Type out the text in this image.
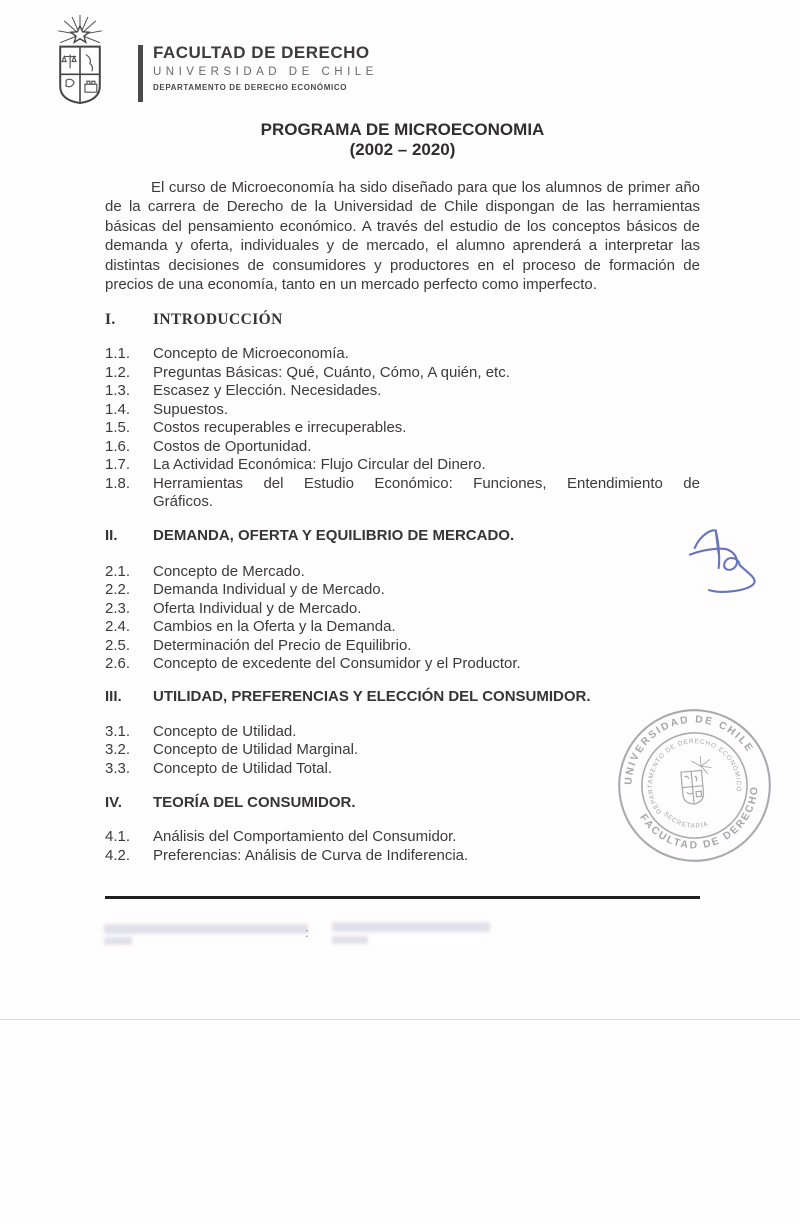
FACULTAD DE DERECHO
UNIVERSIDAD DE CHILE
DEPARTAMENTO DE DERECHO ECONÓMICO
PROGRAMA DE MICROECONOMIA
(2002 – 2020)

El curso de Microeconomía ha sido diseñado para que los alumnos de primer año de la carrera de Derecho de la Universidad de Chile dispongan de las herramientas básicas del pensamiento económico. A través del estudio de los conceptos básicos de demanda y oferta, individuales y de mercado, el alumno aprenderá a interpretar las distintas decisiones de consumidores y productores en el proceso de formación de precios de una economía, tanto en un mercado perfecto como imperfecto.

I.	INTRODUCCIÓN
1.1.	Concepto de Microeconomía.
1.2.	Preguntas Básicas: Qué, Cuánto, Cómo, A quién, etc.
1.3.	Escasez y Elección. Necesidades.
1.4.	Supuestos.
1.5.	Costos recuperables e irrecuperables.
1.6.	Costos de Oportunidad.
1.7.	La Actividad Económica: Flujo Circular del Dinero.
1.8.	Herramientas del Estudio Económico: Funciones, Entendimiento de
Gráficos.
II.	DEMANDA, OFERTA Y EQUILIBRIO DE MERCADO.
2.1.	Concepto de Mercado.
2.2.	Demanda Individual y de Mercado.
2.3.	Oferta Individual y de Mercado.
2.4.	Cambios en la Oferta y la Demanda.
2.5.	Determinación del Precio de Equilibrio.
2.6.	Concepto de excedente del Consumidor y el Productor.
III.	UTILIDAD, PREFERENCIAS Y ELECCIÓN DEL CONSUMIDOR.
3.1.	Concepto de Utilidad.
3.2.	Concepto de Utilidad Marginal.
3.3.	Concepto de Utilidad Total.
IV.	TEORÍA DEL CONSUMIDOR.
4.1.	Análisis del Comportamiento del Consumidor.
4.2.	Preferencias: Análisis de Curva de Indiferencia.
UNIVERSIDAD DE CHILE
FACULTAD DE DERECHO
DEPARTAMENTO DE DERECHO ECONÓMICO
SECRETARIA
:
